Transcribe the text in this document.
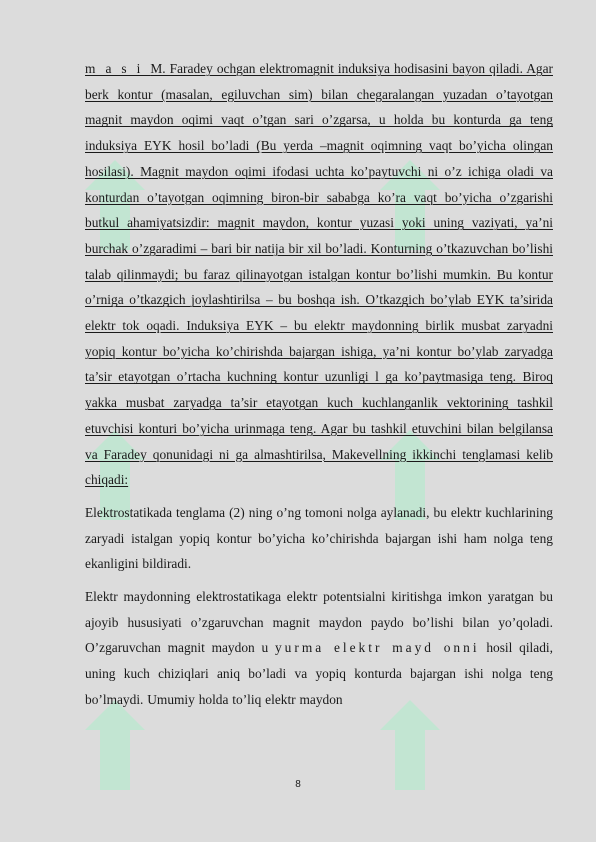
m a s i M. Faradey ochgan elektromagnit induksiya hodisasini bayon qiladi. Agar berk kontur (masalan, egiluvchan sim) bilan chegaralangan yuzadan o’tayotgan magnit maydon oqimi vaqt o’tgan sari o’zgarsa, u holda bu konturda ga teng induksiya EYK hosil bo’ladi (Bu yerda –magnit oqimning vaqt bo’yicha olingan hosilasi). Magnit maydon oqimi ifodasi uchta ko’paytuvchi ni o’z ichiga oladi va konturdan o’tayotgan oqimning biron-bir sababga ko’ra vaqt bo’yicha o’zgarishi butkul ahamiyatsizdir: magnit maydon, kontur yuzasi yoki uning vaziyati, ya’ni burchak o’zgaradimi – bari bir natija bir xil bo’ladi. Konturning o’tkazuvchan bo’lishi talab qilinmaydi; bu faraz qilinayotgan istalgan kontur bo’lishi mumkin. Bu kontur o’rniga o’tkazgich joylashtirilsa – bu boshqa ish. O’tkazgich bo’ylab EYK ta’sirida elektr tok oqadi. Induksiya EYK – bu elektr maydonning birlik musbat zaryadni yopiq kontur bo’yicha ko’chirishda bajargan ishiga, ya’ni kontur bo’ylab zaryadga ta’sir etayotgan o’rtacha kuchning kontur uzunligi l ga ko’paytmasiga teng. Biroq yakka musbat zaryadga ta’sir etayotgan kuch kuchlanganlik vektorining tashkil etuvchisi konturi bo’yicha urinmaga teng. Agar bu tashkil etuvchini bilan belgilansa va Faradey qonunidagi ni ga almashtirilsa, Makevellning ikkinchi tenglamasi kelib chiqadi:

Elektrostatikada tenglama (2) ning o’ng tomoni nolga aylanadi, bu elektr kuchlarining zaryadi istalgan yopiq kontur bo’yicha ko’chirishda bajargan ishi ham nolga teng ekanligini bildiradi.

Elektr maydonning elektrostatikaga elektr potentsialni kiritishga imkon yaratgan bu ajoyib hususiyati o’zgaruvchan magnit maydon paydo bo’lishi bilan yo’qoladi. O’zgaruvchan magnit maydon u yurma elektr mayd onni hosil qiladi, uning kuch chiziqlari aniq bo’ladi va yopiq konturda bajargan ishi nolga teng bo’lmaydi. Umumiy holda to’liq elektr maydon

8
